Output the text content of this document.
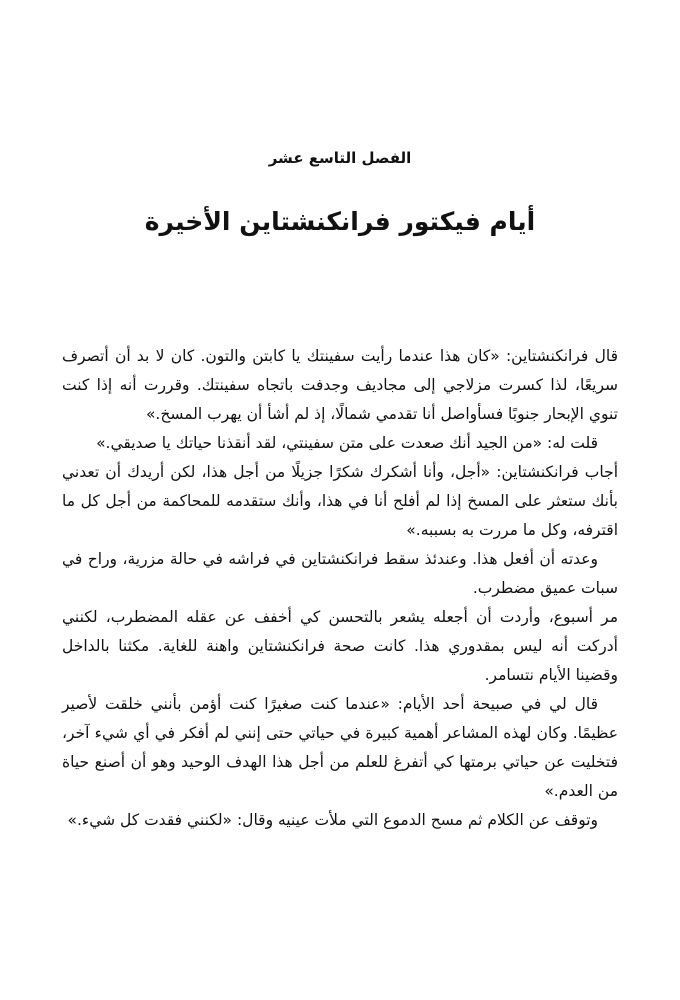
الفصل التاسع عشر
أيام فيكتور فرانكنشتاين الأخيرة

قال فرانكنشتاين: «كان هذا عندما رأيت سفينتك يا كابتن والتون. كان لا بد أن أتصرف سريعًا، لذا كسرت مزلاجي إلى مجاديف وجدفت باتجاه سفينتك. وقررت أنه إذا كنت تنوي الإبحار جنوبًا فسأواصل أنا تقدمي شمالًا، إذ لم أشأ أن يهرب المسخ.»

قلت له: «من الجيد أنك صعدت على متن سفينتي، لقد أنقذنا حياتك يا صديقي.»

أجاب فرانكنشتاين: «أجل، وأنا أشكرك شكرًا جزيلًا من أجل هذا، لكن أريدك أن تعدني بأنك ستعثر على المسخ إذا لم أفلح أنا في هذا، وأنك ستقدمه للمحاكمة من أجل كل ما اقترفه، وكل ما مررت به بسببه.»

وعدته أن أفعل هذا. وعندئذ سقط فرانكنشتاين في فراشه في حالة مزرية، وراح في سبات عميق مضطرب.

مر أسبوع، وأردت أن أجعله يشعر بالتحسن كي أخفف عن عقله المضطرب، لكنني أدركت أنه ليس بمقدوري هذا. كانت صحة فرانكنشتاين واهنة للغاية. مكثنا بالداخل وقضينا الأيام نتسامر.

قال لي في صبيحة أحد الأيام: «عندما كنت صغيرًا كنت أؤمن بأنني خلقت لأصير عظيمًا. وكان لهذه المشاعر أهمية كبيرة في حياتي حتى إنني لم أفكر في أي شيء آخر، فتخليت عن حياتي برمتها كي أتفرغ للعلم من أجل هذا الهدف الوحيد وهو أن أصنع حياة من العدم.»

وتوقف عن الكلام ثم مسح الدموع التي ملأت عينيه وقال: «لكنني فقدت كل شيء.»
